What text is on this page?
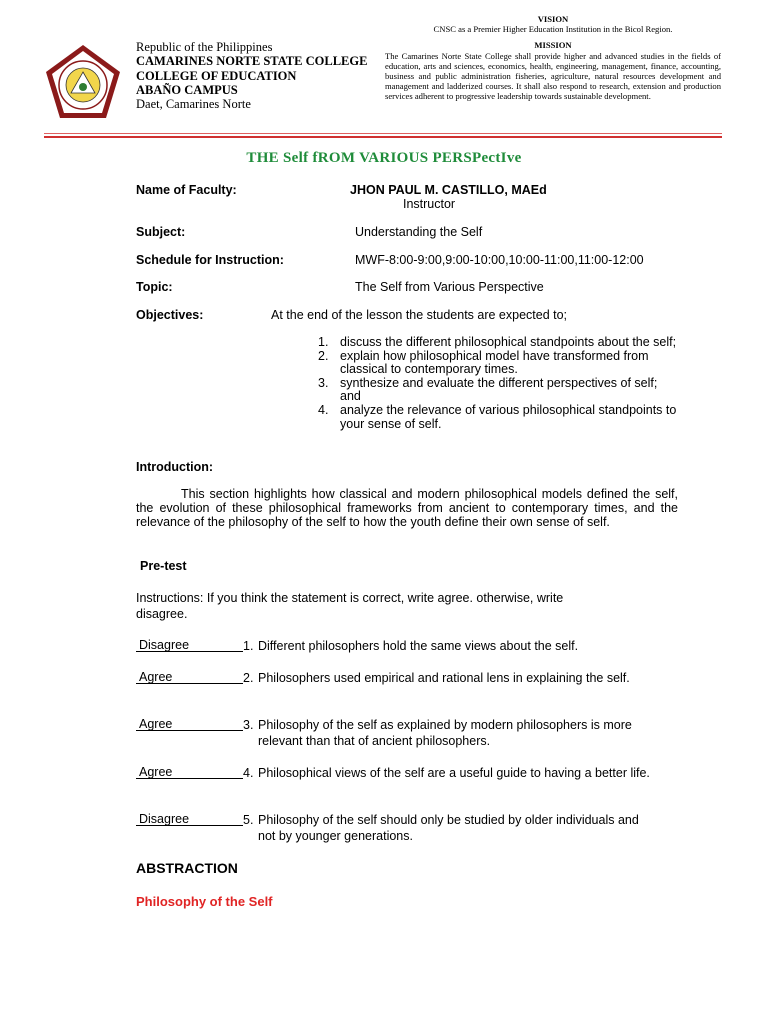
Republic of the Philippines
CAMARINES NORTE STATE COLLEGE
COLLEGE OF EDUCATION
ABAÑO CAMPUS
Daet, Camarines Norte
VISION
CNSC as a Premier Higher Education Institution in the Bicol Region.
MISSION
The Camarines Norte State College shall provide higher and advanced studies in the fields of education, arts and sciences, economics, health, engineering, management, finance, accounting, business and public administration fisheries, agriculture, natural resources development and management and ladderized courses. It shall also respond to research, extension and production services adherent to progressive leadership towards sustainable development.
THE Self fROM VARIOUS PERSPectIve
Name of Faculty:	JHON PAUL M. CASTILLO, MAEd
Instructor
Subject:	Understanding the Self
Schedule for Instruction:	MWF-8:00-9:00,9:00-10:00,10:00-11:00,11:00-12:00
Topic:	The Self from Various Perspective
Objectives:	At the end of the lesson the students are expected to;
1. discuss the different philosophical standpoints about the self;
2. explain how philosophical model have transformed from classical to contemporary times.
3. synthesize and evaluate the different perspectives of self; and
4. analyze the relevance of various philosophical standpoints to your sense of self.
Introduction:
This section highlights how classical and modern philosophical models defined the self, the evolution of these philosophical frameworks from ancient to contemporary times, and the relevance of the philosophy of the self to how the youth define their own sense of self.
Pre-test
Instructions: If you think the statement is correct, write agree. otherwise, write disagree.
Disagree	1. Different philosophers hold the same views about the self.
Agree	2. Philosophers used empirical and rational lens in explaining the self.
Agree	3. Philosophy of the self as explained by modern philosophers is more relevant than that of ancient philosophers.
Agree	4. Philosophical views of the self are a useful guide to having a better life.
Disagree	5. Philosophy of the self should only be studied by older individuals and not by younger generations.
ABSTRACTION
Philosophy of the Self
